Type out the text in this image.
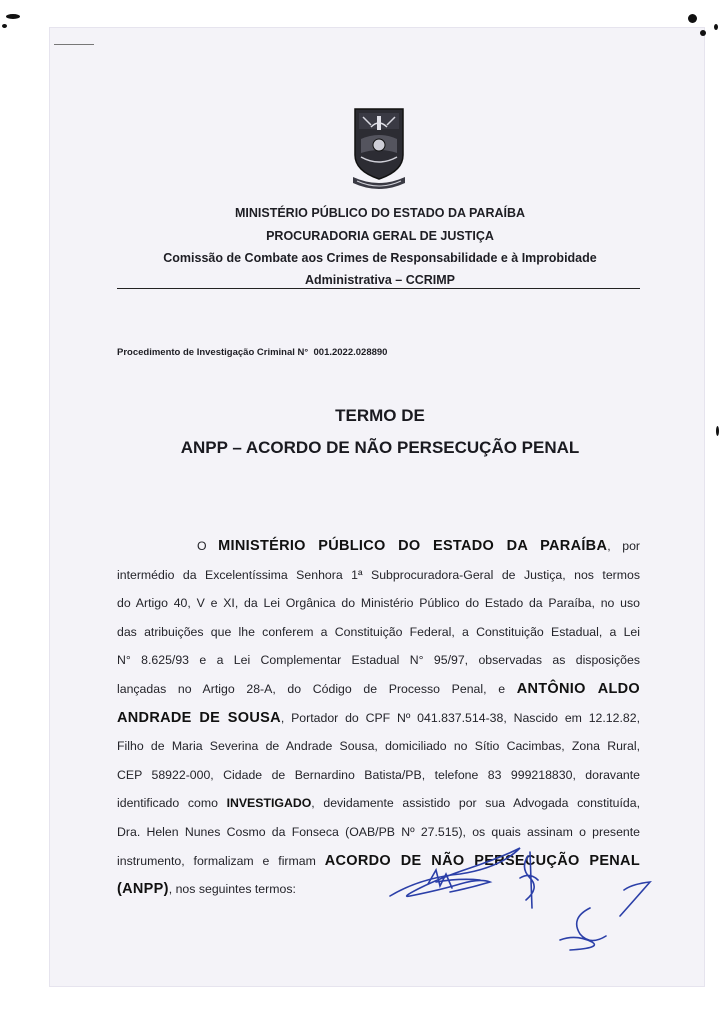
MINISTÉRIO PÚBLICO DO ESTADO DA PARAÍBA
PROCURADORIA GERAL DE JUSTIÇA
Comissão de Combate aos Crimes de Responsabilidade e à Improbidade
Administrativa – CCRIMP
Procedimento de Investigação Criminal N° 001.2022.028890
TERMO DE
ANPP – ACORDO DE NÃO PERSECUÇÃO PENAL
O MINISTÉRIO PÚBLICO DO ESTADO DA PARAÍBA, por
intermédio da Excelentíssima Senhora 1ª Subprocuradora-Geral de Justiça, nos termos
do Artigo 40, V e XI, da Lei Orgânica do Ministério Público do Estado da Paraíba, no uso
das atribuições que lhe conferem a Constituição Federal, a Constituição Estadual, a Lei
N° 8.625/93 e a Lei Complementar Estadual N° 95/97, observadas as disposições
lançadas no Artigo 28-A, do Código de Processo Penal, e ANTÔNIO ALDO
ANDRADE DE SOUSA, Portador do CPF Nº 041.837.514-38, Nascido em 12.12.82,
Filho de Maria Severina de Andrade Sousa, domiciliado no Sítio Cacimbas, Zona Rural,
CEP 58922-000, Cidade de Bernardino Batista/PB, telefone 83 999218830, doravante
identificado como INVESTIGADO, devidamente assistido por sua Advogada constituída,
Dra. Helen Nunes Cosmo da Fonseca (OAB/PB Nº 27.515), os quais assinam o presente
instrumento, formalizam e firmam ACORDO DE NÃO PERSECUÇÃO PENAL
(ANPP), nos seguintes termos:
